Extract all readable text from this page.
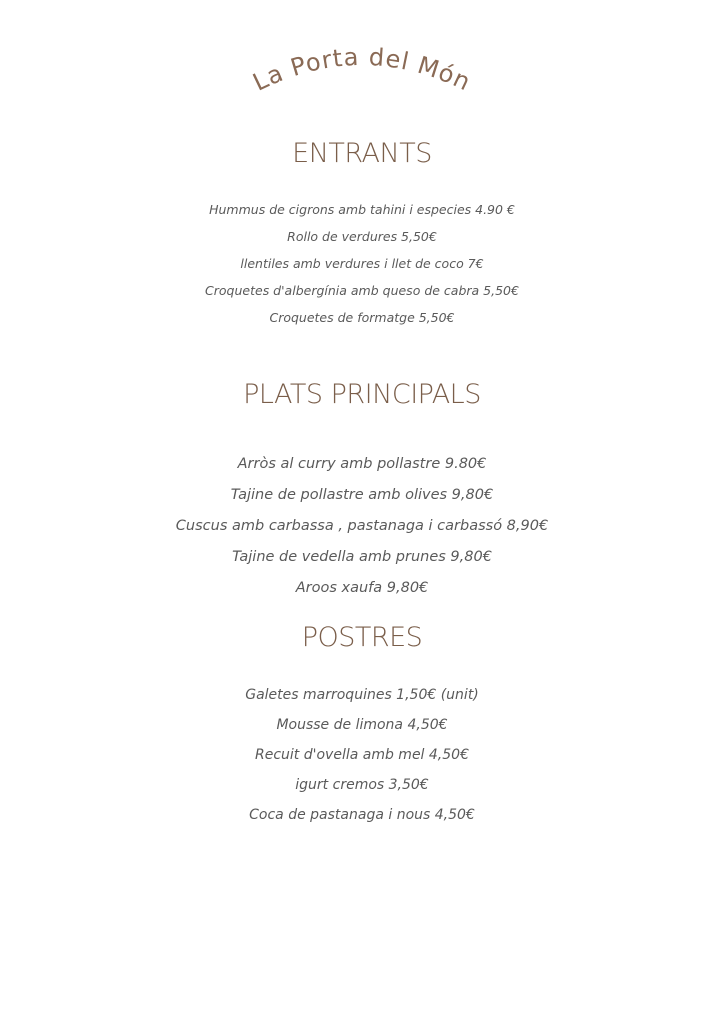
La Porta del Món
ENTRANTS
Hummus de cigrons amb tahini i especies 4.90 €
Rollo de verdures 5,50€
llentiles amb verdures i llet de coco 7€
Croquetes d'albergínia amb queso de cabra 5,50€
Croquetes de formatge 5,50€
PLATS PRINCIPALS
Arròs al curry amb pollastre 9.80€
Tajine de pollastre amb olives 9,80€
Cuscus amb carbassa , pastanaga i carbassó 8,90€
Tajine de vedella amb prunes 9,80€
Aroos xaufa 9,80€
POSTRES
Galetes marroquines 1,50€ (unit)
Mousse de limona 4,50€
Recuit d'ovella amb mel 4,50€
igurt cremos 3,50€
Coca de pastanaga i nous 4,50€
